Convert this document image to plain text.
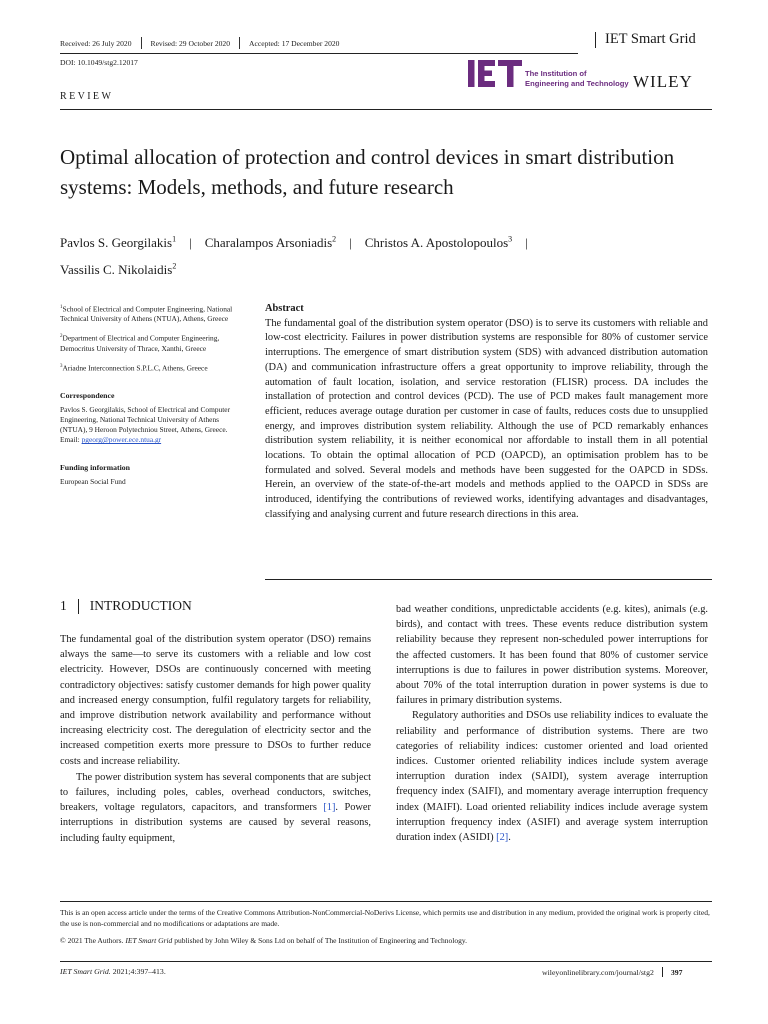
Received: 26 July 2020	Revised: 29 October 2020	Accepted: 17 December 2020	IET Smart Grid
DOI: 10.1049/stg2.12017
The Institution of
Engineering and Technology WILEY
REVIEW
Optimal allocation of protection and control devices in smart distribution systems: Models, methods, and future research
Pavlos S. Georgilakis$^1$ | Charalampos Arsoniadis$^2$ | Christos A. Apostolopoulos$^3$ |
Vassilis C. Nikolaidis$^2$

$^1$School of Electrical and Computer Engineering, National Technical University of Athens (NTUA), Athens, Greece

$^2$Department of Electrical and Computer Engineering, Democritus University of Thrace, Xanthi, Greece

$^3$Ariadne Interconnection S.P.L.C, Athens, Greece

Correspondence

Pavlos S. Georgilakis, School of Electrical and Computer Engineering, National Technical University of Athens (NTUA), 9 Heroon Polytechniou Street, Athens, Greece.

Email: pgeorg@power.ece.ntua.gr

Funding information

European Social Fund

Abstract

The fundamental goal of the distribution system operator (DSO) is to serve its customers with reliable and low-cost electricity. Failures in power distribution systems are responsible for 80% of customer service interruptions. The emergence of smart distribution system (SDS) with advanced distribution automation (DA) and communication infrastructure offers a great opportunity to improve reliability, through the automation of fault location, isolation, and service restoration (FLISR) process. DA includes the installation of protection and control devices (PCD). The use of PCD makes fault management more efficient, reduces average outage duration per customer in case of faults, reduces costs due to unsupplied energy, and improves distribution system reliability. Although the use of PCD remarkably enhances distribution system reliability, it is neither economical nor affordable to install them in all potential locations. To obtain the optimal allocation of PCD (OAPCD), an optimisation problem has to be formulated and solved. Several models and methods have been suggested for the OAPCD in SDSs. Herein, an overview of the state-of-the-art models and methods applied to the OAPCD in SDSs are introduced, identifying the contributions of reviewed works, identifying advantages and disadvantages, classifying and analysing current and future research directions in this area.

1 INTRODUCTION

The fundamental goal of the distribution system operator (DSO) remains always the same—to serve its customers with a reliable and low cost electricity. However, DSOs are continuously concerned with meeting contradictory objectives: satisfy customer demands for high power quality and increased energy consumption, fulfil regulatory targets for reliability, and improve distribution network availability and performance without increasing electricity cost. The deregulation of electricity sector and the increased competition exerts more pressure to DSOs to further reduce costs and increase reliability.

The power distribution system has several components that are subject to failures, including poles, cables, overhead conductors, switches, breakers, voltage regulators, capacitors, and transformers [1]. Power interruptions in distribution systems are caused by several reasons, including faulty equipment,

bad weather conditions, unpredictable accidents (e.g. kites), animals (e.g. birds), and contact with trees. These events reduce distribution system reliability because they represent non-scheduled power interruptions for the affected customers. It has been found that 80% of customer service interruptions is due to failures in power distribution systems. Moreover, about 70% of the total interruption duration in power systems is due to failures in primary distribution systems.

Regulatory authorities and DSOs use reliability indices to evaluate the reliability and performance of distribution systems. There are two categories of reliability indices: customer oriented and load oriented indices. Customer oriented reliability indices include system average interruption duration index (SAIDI), system average interruption frequency index (SAIFI), and momentary average interruption frequency index (MAIFI). Load oriented reliability indices include average system interruption frequency index (ASIFI) and average system interruption duration index (ASIDI) [2].

This is an open access article under the terms of the Creative Commons Attribution-NonCommercial-NoDerivs License, which permits use and distribution in any medium, provided the original work is properly cited, the use is non-commercial and no modifications or adaptations are made.
© 2021 The Authors. IET Smart Grid published by John Wiley & Sons Ltd on behalf of The Institution of Engineering and Technology.
IET Smart Grid. 2021;4:397–413.	wileyonlinelibrary.com/journal/stg2 397
